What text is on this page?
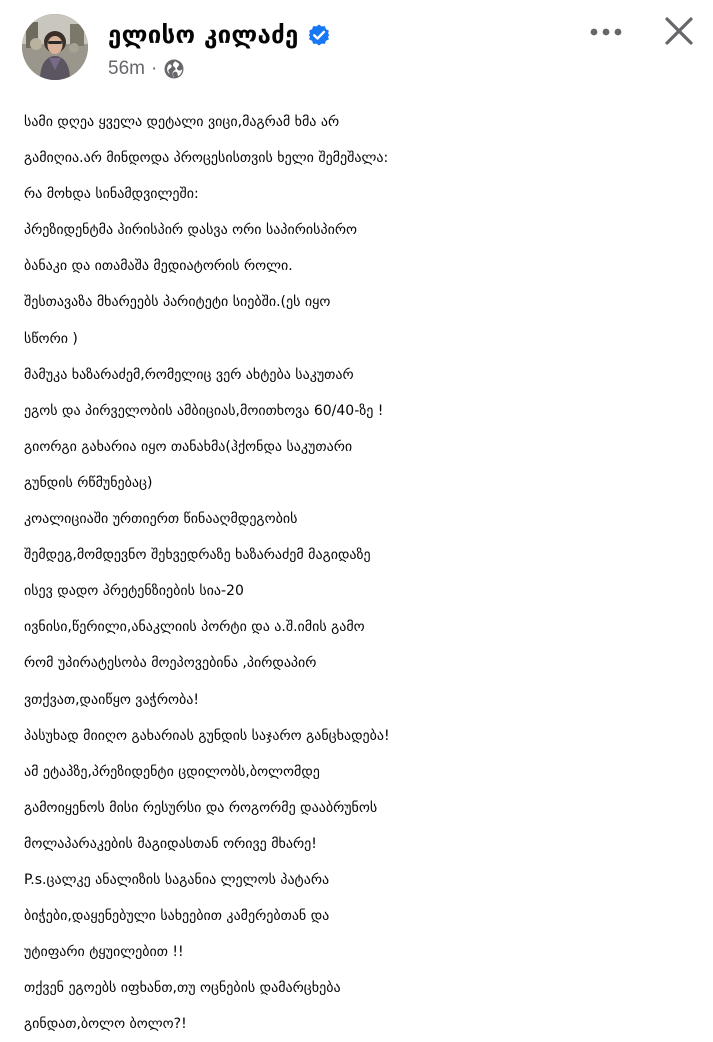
ელისო კილაძე
56m ·
სამი დღეა ყველა დეტალი ვიცი,მაგრამ ხმა არ
გამიღია.არ მინდოდა პროცესისთვის ხელი შემეშალა:
რა მოხდა სინამდვილეში:
პრეზიდენტმა პირისპირ დასვა ორი საპირისპირო
ბანაკი და ითამაშა მედიატორის როლი.
შესთავაზა მხარეებს პარიტეტი სიებში.(ეს იყო
სწორი )
მამუკა ხაზარაძემ,რომელიც ვერ ახტება საკუთარ
ეგოს და პირველობის ამბიციას,მოითხოვა 60/40-ზე !
გიორგი გახარია იყო თანახმა(ჰქონდა საკუთარი
გუნდის რწმუნებაც)
კოალიციაში ურთიერთ წინააღმდეგობის
შემდეგ,მომდევნო შეხვედრაზე ხაზარაძემ მაგიდაზე
ისევ დადო პრეტენზიების სია-20
ივნისი,წერილი,ანაკლიის პორტი და ა.შ.იმის გამო
რომ უპირატესობა მოეპოვებინა ,პირდაპირ
ვთქვათ,დაიწყო ვაჭრობა!
პასუხად მიიღო გახარიას გუნდის საჯარო განცხადება!
ამ ეტაპზე,პრეზიდენტი ცდილობს,ბოლომდე
გამოიყენოს მისი რესურსი და როგორმე დააბრუნოს
მოლაპარაკების მაგიდასთან ორივე მხარე!
P.s.ცალკე ანალიზის საგანია ლელოს პატარა
ბიჭები,დაყენებული სახეებით კამერებთან და
უტიფარი ტყუილებით !!
თქვენ ეგოებს იფხანთ,თუ ოცნების დამარცხება
გინდათ,ბოლო ბოლო?!
